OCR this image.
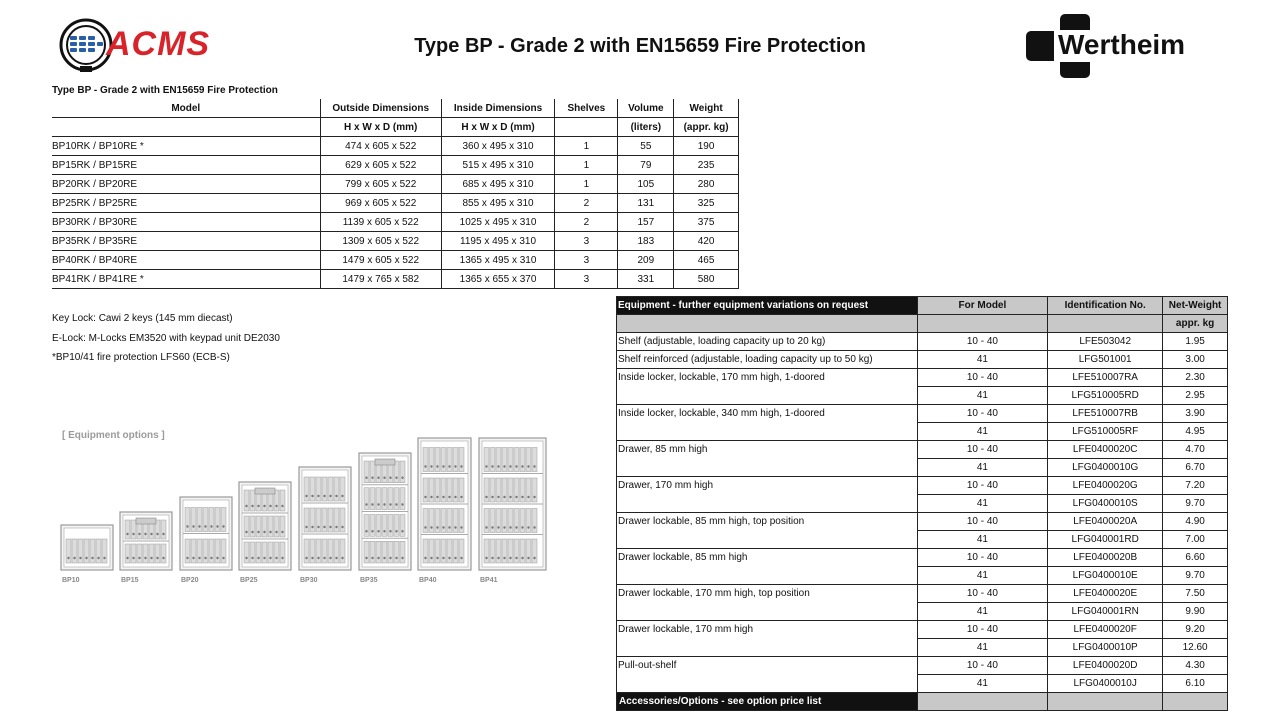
ACMS	Type BP - Grade 2 with EN15659 Fire Protection	Wertheim
Type BP - Grade 2 with EN15659 Fire Protection
Model	Outside Dimensions	Inside Dimensions	Shelves	Volume	Weight
	H x W x D (mm)	H x W x D (mm)		(liters)	(appr. kg)
BP10RK / BP10RE *	474 x 605 x 522	360 x 495 x 310	1	55	190
BP15RK / BP15RE	629 x 605 x 522	515 x 495 x 310	1	79	235
BP20RK / BP20RE	799 x 605 x 522	685 x 495 x 310	1	105	280
BP25RK / BP25RE	969 x 605 x 522	855 x 495 x 310	2	131	325
BP30RK / BP30RE	1139 x 605 x 522	1025 x 495 x 310	2	157	375
BP35RK / BP35RE	1309 x 605 x 522	1195 x 495 x 310	3	183	420
BP40RK / BP40RE	1479 x 605 x 522	1365 x 495 x 310	3	209	465
BP41RK / BP41RE *	1479 x 765 x 582	1365 x 655 x 370	3	331	580
Key Lock: Cawi 2 keys (145 mm diecast)
E-Lock: M-Locks EM3520 with keypad unit DE2030
*BP10/41 fire protection LFS60 (ECB-S)
BP10	BP15	BP20	BP25	BP30	BP35	BP40	BP41
[ Equipment options ]
Equipment - further equipment variations on request	For Model	Identification No.	Net-Weight
			appr. kg
Shelf (adjustable, loading capacity up to 20 kg)	10 - 40	LFE503042	1.95
Shelf reinforced (adjustable, loading capacity up to 50 kg)	41	LFG501001	3.00
Inside locker, lockable, 170 mm high, 1-doored	10 - 40	LFE510007RA	2.30
	41	LFG510005RD	2.95
Inside locker, lockable, 340 mm high, 1-doored	10 - 40	LFE510007RB	3.90
	41	LFG510005RF	4.95
Drawer, 85 mm high	10 - 40	LFE0400020C	4.70
	41	LFG0400010G	6.70
Drawer, 170 mm high	10 - 40	LFE0400020G	7.20
	41	LFG0400010S	9.70
Drawer lockable, 85 mm high, top position	10 - 40	LFE0400020A	4.90
	41	LFG040001RD	7.00
Drawer lockable, 85 mm high	10 - 40	LFE0400020B	6.60
	41	LFG0400010E	9.70
Drawer lockable, 170 mm high, top position	10 - 40	LFE0400020E	7.50
	41	LFG040001RN	9.90
Drawer lockable, 170 mm high	10 - 40	LFE0400020F	9.20
	41	LFG0400010P	12.60
Pull-out-shelf	10 - 40	LFE0400020D	4.30
	41	LFG0400010J	6.10
Accessories/Options - see option price list			
